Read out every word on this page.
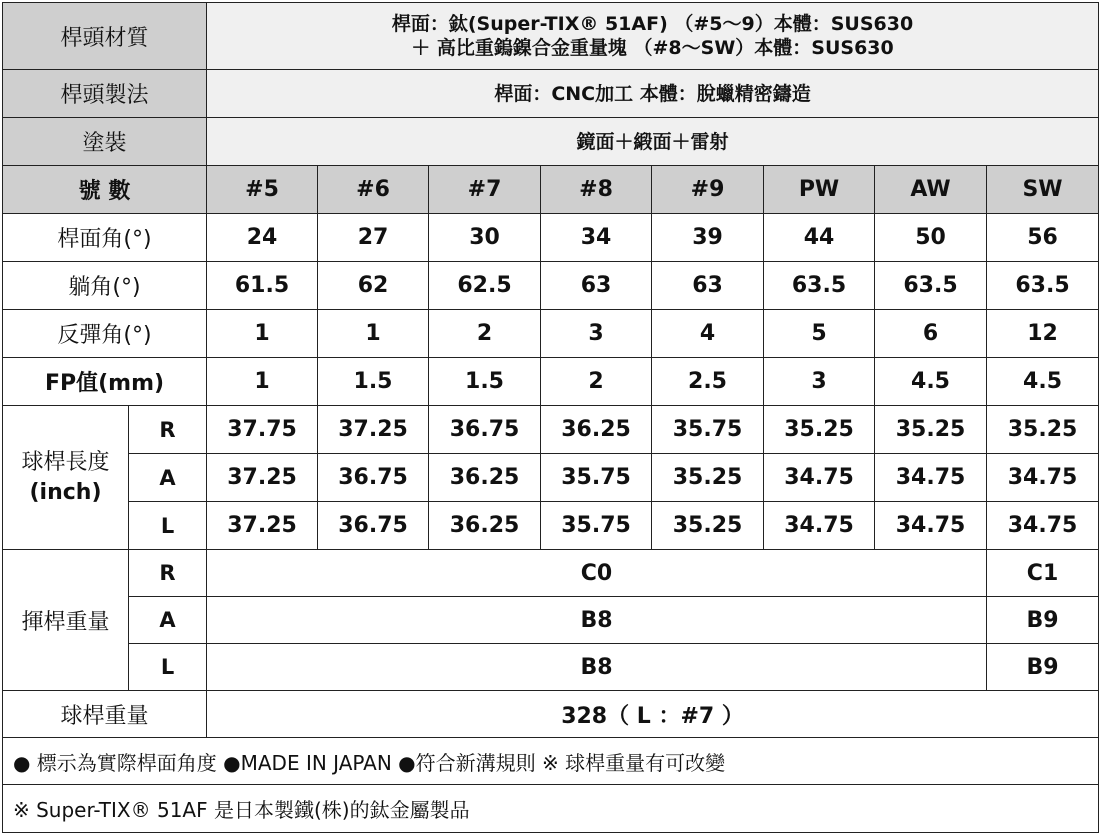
桿頭材質		桿面：鈦(Super-TIX® 51AF) （#5～9）本體：SUS630
＋ 高比重鎢鎳合金重量塊 （#8～SW）本體：SUS630							

桿頭製法		桿面：CNC加工 本體：脫蠟精密鑄造							
塗裝		鏡面＋緞面＋雷射							
號 數		#5	#6	#7	#8	#9	PW	AW	SW
桿面角(°)		24	27	30	34	39	44	50	56
躺角(°)		61.5	62	62.5	63	63	63.5	63.5	63.5
反彈角(°)		1	1	2	3	4	5	6	12
FP值(mm)		1	1.5	1.5	2	2.5	3	4.5	4.5

球桿長度
(inch)	R	37.75	37.25	36.75	36.25	35.75	35.25	35.25	35.25
	A	37.25	36.75	36.25	35.75	35.25	34.75	34.75	34.75
	L	37.25	36.75	36.25	35.75	35.25	34.75	34.75	34.75
揮桿重量	R	C0							C1
	A	B8							B9
	L	B8							B9
球桿重量		328（ L ：#7 ）							
● 標示為實際桿面角度 ●MADE IN JAPAN ●符合新溝規則 ※ 球桿重量有可改變									
※ Super-TIX® 51AF 是日本製鐵(株)的鈦金屬製品									
